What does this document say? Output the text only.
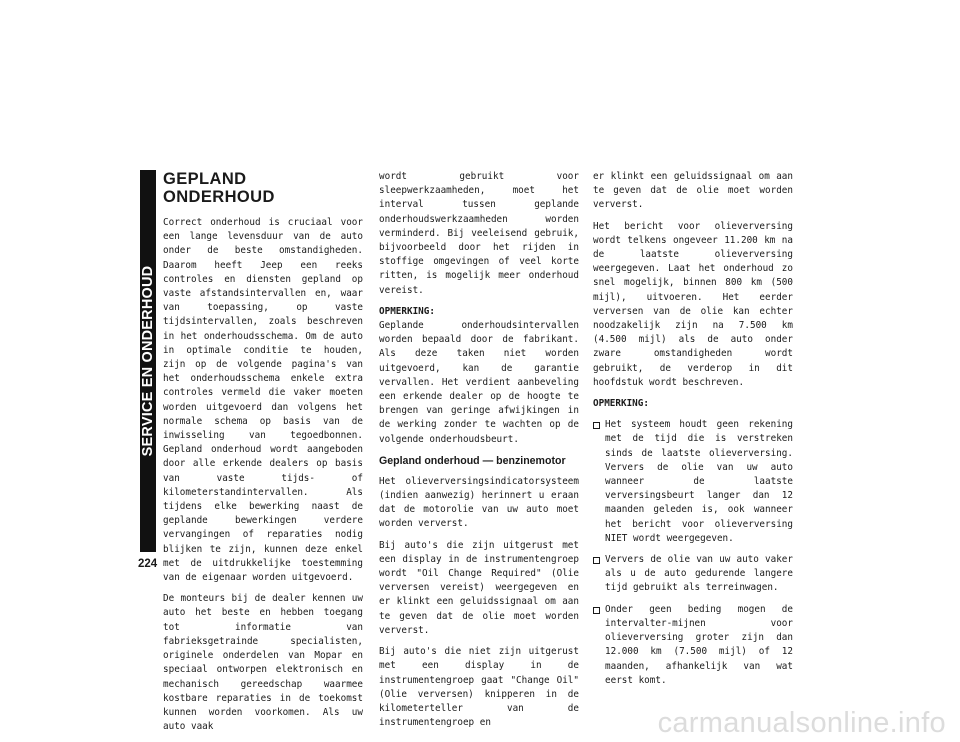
SERVICE EN ONDERHOUD
224
GEPLAND ONDERHOUD

Correct onderhoud is cruciaal voor een lange levensduur van de auto onder de beste omstandigheden. Daarom heeft Jeep een reeks controles en diensten gepland op vaste afstandsintervallen en, waar van toepassing, op vaste tijdsintervallen, zoals beschreven in het onderhoudsschema. Om de auto in optimale conditie te houden, zijn op de volgende pagina's van het onderhoudsschema enkele extra controles vermeld die vaker moeten worden uitgevoerd dan volgens het normale schema op basis van de inwisseling van tegoedbonnen. Gepland onderhoud wordt aangeboden door alle erkende dealers op basis van vaste tijds- of kilometerstandintervallen. Als tijdens elke bewerking naast de geplande bewerkingen verdere vervangingen of reparaties nodig blijken te zijn, kunnen deze enkel met de uitdrukkelijke toestemming van de eigenaar worden uitgevoerd.

De monteurs bij de dealer kennen uw auto het beste en hebben toegang tot informatie van fabrieksgetrainde specialisten, originele onderdelen van Mopar en speciaal ontworpen elektronisch en mechanisch gereedschap waarmee kostbare reparaties in de toekomst kunnen worden voorkomen. Als uw auto vaak

wordt gebruikt voor sleepwerkzaamheden, moet het interval tussen geplande onderhoudswerkzaamheden worden verminderd. Bij veeleisend gebruik, bijvoorbeeld door het rijden in stoffige omgevingen of veel korte ritten, is mogelijk meer onderhoud vereist.

OPMERKING:

Geplande onderhoudsintervallen worden bepaald door de fabrikant. Als deze taken niet worden uitgevoerd, kan de garantie vervallen. Het verdient aanbeveling een erkende dealer op de hoogte te brengen van geringe afwijkingen in de werking zonder te wachten op de volgende onderhoudsbeurt.

Gepland onderhoud — benzinemotor

Het olieverversingsindicatorsysteem (indien aanwezig) herinnert u eraan dat de motorolie van uw auto moet worden ververst.

Bij auto's die zijn uitgerust met een display in de instrumentengroep wordt "Oil Change Required" (Olie verversen vereist) weergegeven en er klinkt een geluidssignaal om aan te geven dat de olie moet worden ververst.

Bij auto's die niet zijn uitgerust met een display in de instrumentengroep gaat "Change Oil" (Olie verversen) knipperen in de kilometerteller van de instrumentengroep en

er klinkt een geluidssignaal om aan te geven dat de olie moet worden ververst.

Het bericht voor olieverversing wordt telkens ongeveer 11.200 km na de laatste olieverversing weergegeven. Laat het onderhoud zo snel mogelijk, binnen 800 km (500 mijl), uitvoeren. Het eerder verversen van de olie kan echter noodzakelijk zijn na 7.500 km (4.500 mijl) als de auto onder zware omstandigheden wordt gebruikt, de verderop in dit hoofdstuk wordt beschreven.

OPMERKING:
Het systeem houdt geen rekening met de tijd die is verstreken sinds de laatste olieverversing. Ververs de olie van uw auto wanneer de laatste verversingsbeurt langer dan 12 maanden geleden is, ook wanneer het bericht voor olieverversing NIET wordt weergegeven.
Ververs de olie van uw auto vaker als u de auto gedurende langere tijd gebruikt als terreinwagen.
Onder geen beding mogen de intervalter-mijnen voor olieverversing groter zijn dan 12.000 km (7.500 mijl) of 12 maanden, afhankelijk van wat eerst komt.
carmanualsonline.info
